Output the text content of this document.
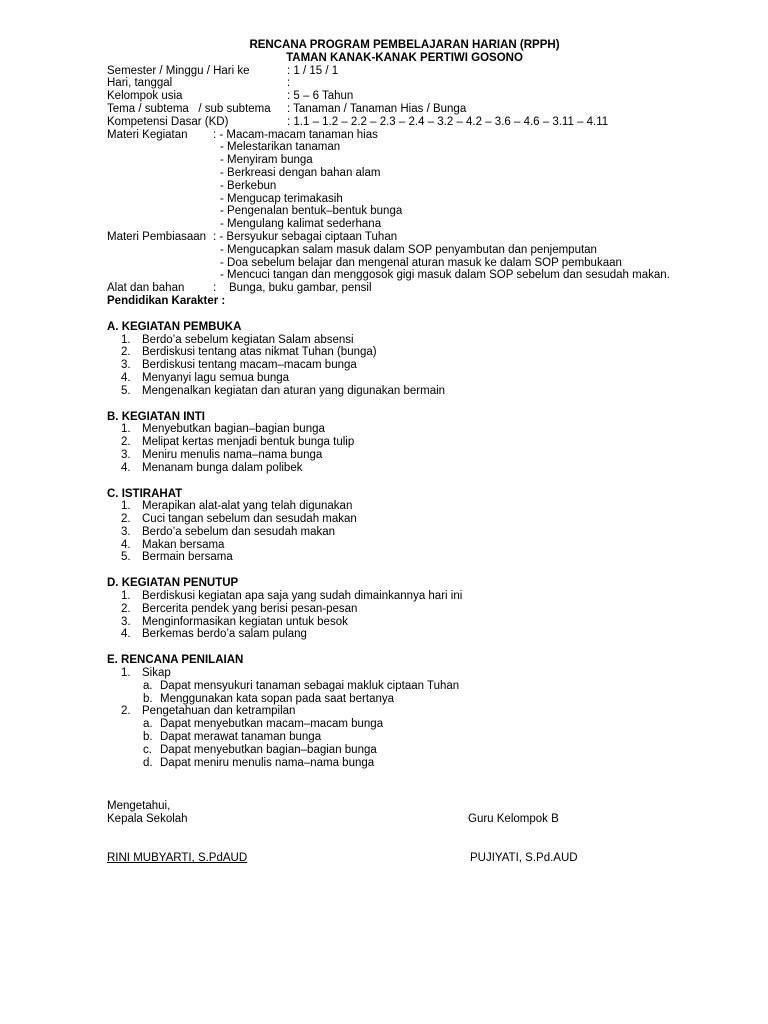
RENCANA PROGRAM PEMBELAJARAN HARIAN (RPPH)
TAMAN KANAK-KANAK PERTIWI GOSONO
Semester / Minggu / Hari ke	: 1 / 15 / 1
Hari, tanggal	:
Kelompok usia	: 5 – 6 Tahun
Tema / subtema   / sub subtema	: Tanaman / Tanaman Hias / Bunga
Kompetensi Dasar (KD)	: 1.1 – 1.2 – 2.2 – 2.3 – 2.4 – 3.2 – 4.2 – 3.6 – 4.6 – 3.11 – 4.11
Materi Kegiatan	: - Macam-macam tanaman hias
- Melestarikan tanaman
- Menyiram bunga
- Berkreasi dengan bahan alam
- Berkebun
- Mengucap terimakasih
- Pengenalan bentuk–bentuk bunga
- Mengulang kalimat sederhana
Materi Pembiasaan : - Bersyukur sebagai ciptaan Tuhan
- Mengucapkan salam masuk dalam SOP penyambutan dan penjemputan
- Doa sebelum belajar dan mengenal aturan masuk ke dalam SOP pembukaan
- Mencuci tangan dan menggosok gigi masuk dalam SOP sebelum dan sesudah makan.
Alat dan bahan	:    Bunga, buku gambar, pensil
Pendidikan Karakter :
A. KEGIATAN PEMBUKA
1. Berdo’a sebelum kegiatan Salam absensi
2. Berdiskusi tentang atas nikmat Tuhan (bunga)
3. Berdiskusi tentang macam–macam bunga
4. Menyanyi lagu semua bunga
5. Mengenalkan kegiatan dan aturan yang digunakan bermain
B. KEGIATAN INTI
1. Menyebutkan bagian–bagian bunga
2. Melipat kertas menjadi bentuk bunga tulip
3. Meniru menulis nama–nama bunga
4. Menanam bunga dalam polibek
C. ISTIRAHAT
1. Merapikan alat-alat yang telah digunakan
2. Cuci tangan sebelum dan sesudah makan
3. Berdo’a sebelum dan sesudah makan
4. Makan bersama
5. Bermain bersama
D. KEGIATAN PENUTUP
1. Berdiskusi kegiatan apa saja yang sudah dimainkannya hari ini
2. Bercerita pendek yang berisi pesan-pesan
3. Menginformasikan kegiatan untuk besok
4. Berkemas berdo’a salam pulang
E. RENCANA PENILAIAN
1. Sikap
a. Dapat mensyukuri tanaman sebagai makluk ciptaan Tuhan
b. Menggunakan kata sopan pada saat bertanya
2. Pengetahuan dan ketrampilan
a. Dapat menyebutkan macam–macam bunga
b. Dapat merawat tanaman bunga
c. Dapat menyebutkan bagian–bagian bunga
d. Dapat meniru menulis nama–nama bunga
Mengetahui,
Kepala Sekolah	Guru Kelompok B
RINI MUBYARTI, S.PdAUD	PUJIYATI, S.Pd.AUD
